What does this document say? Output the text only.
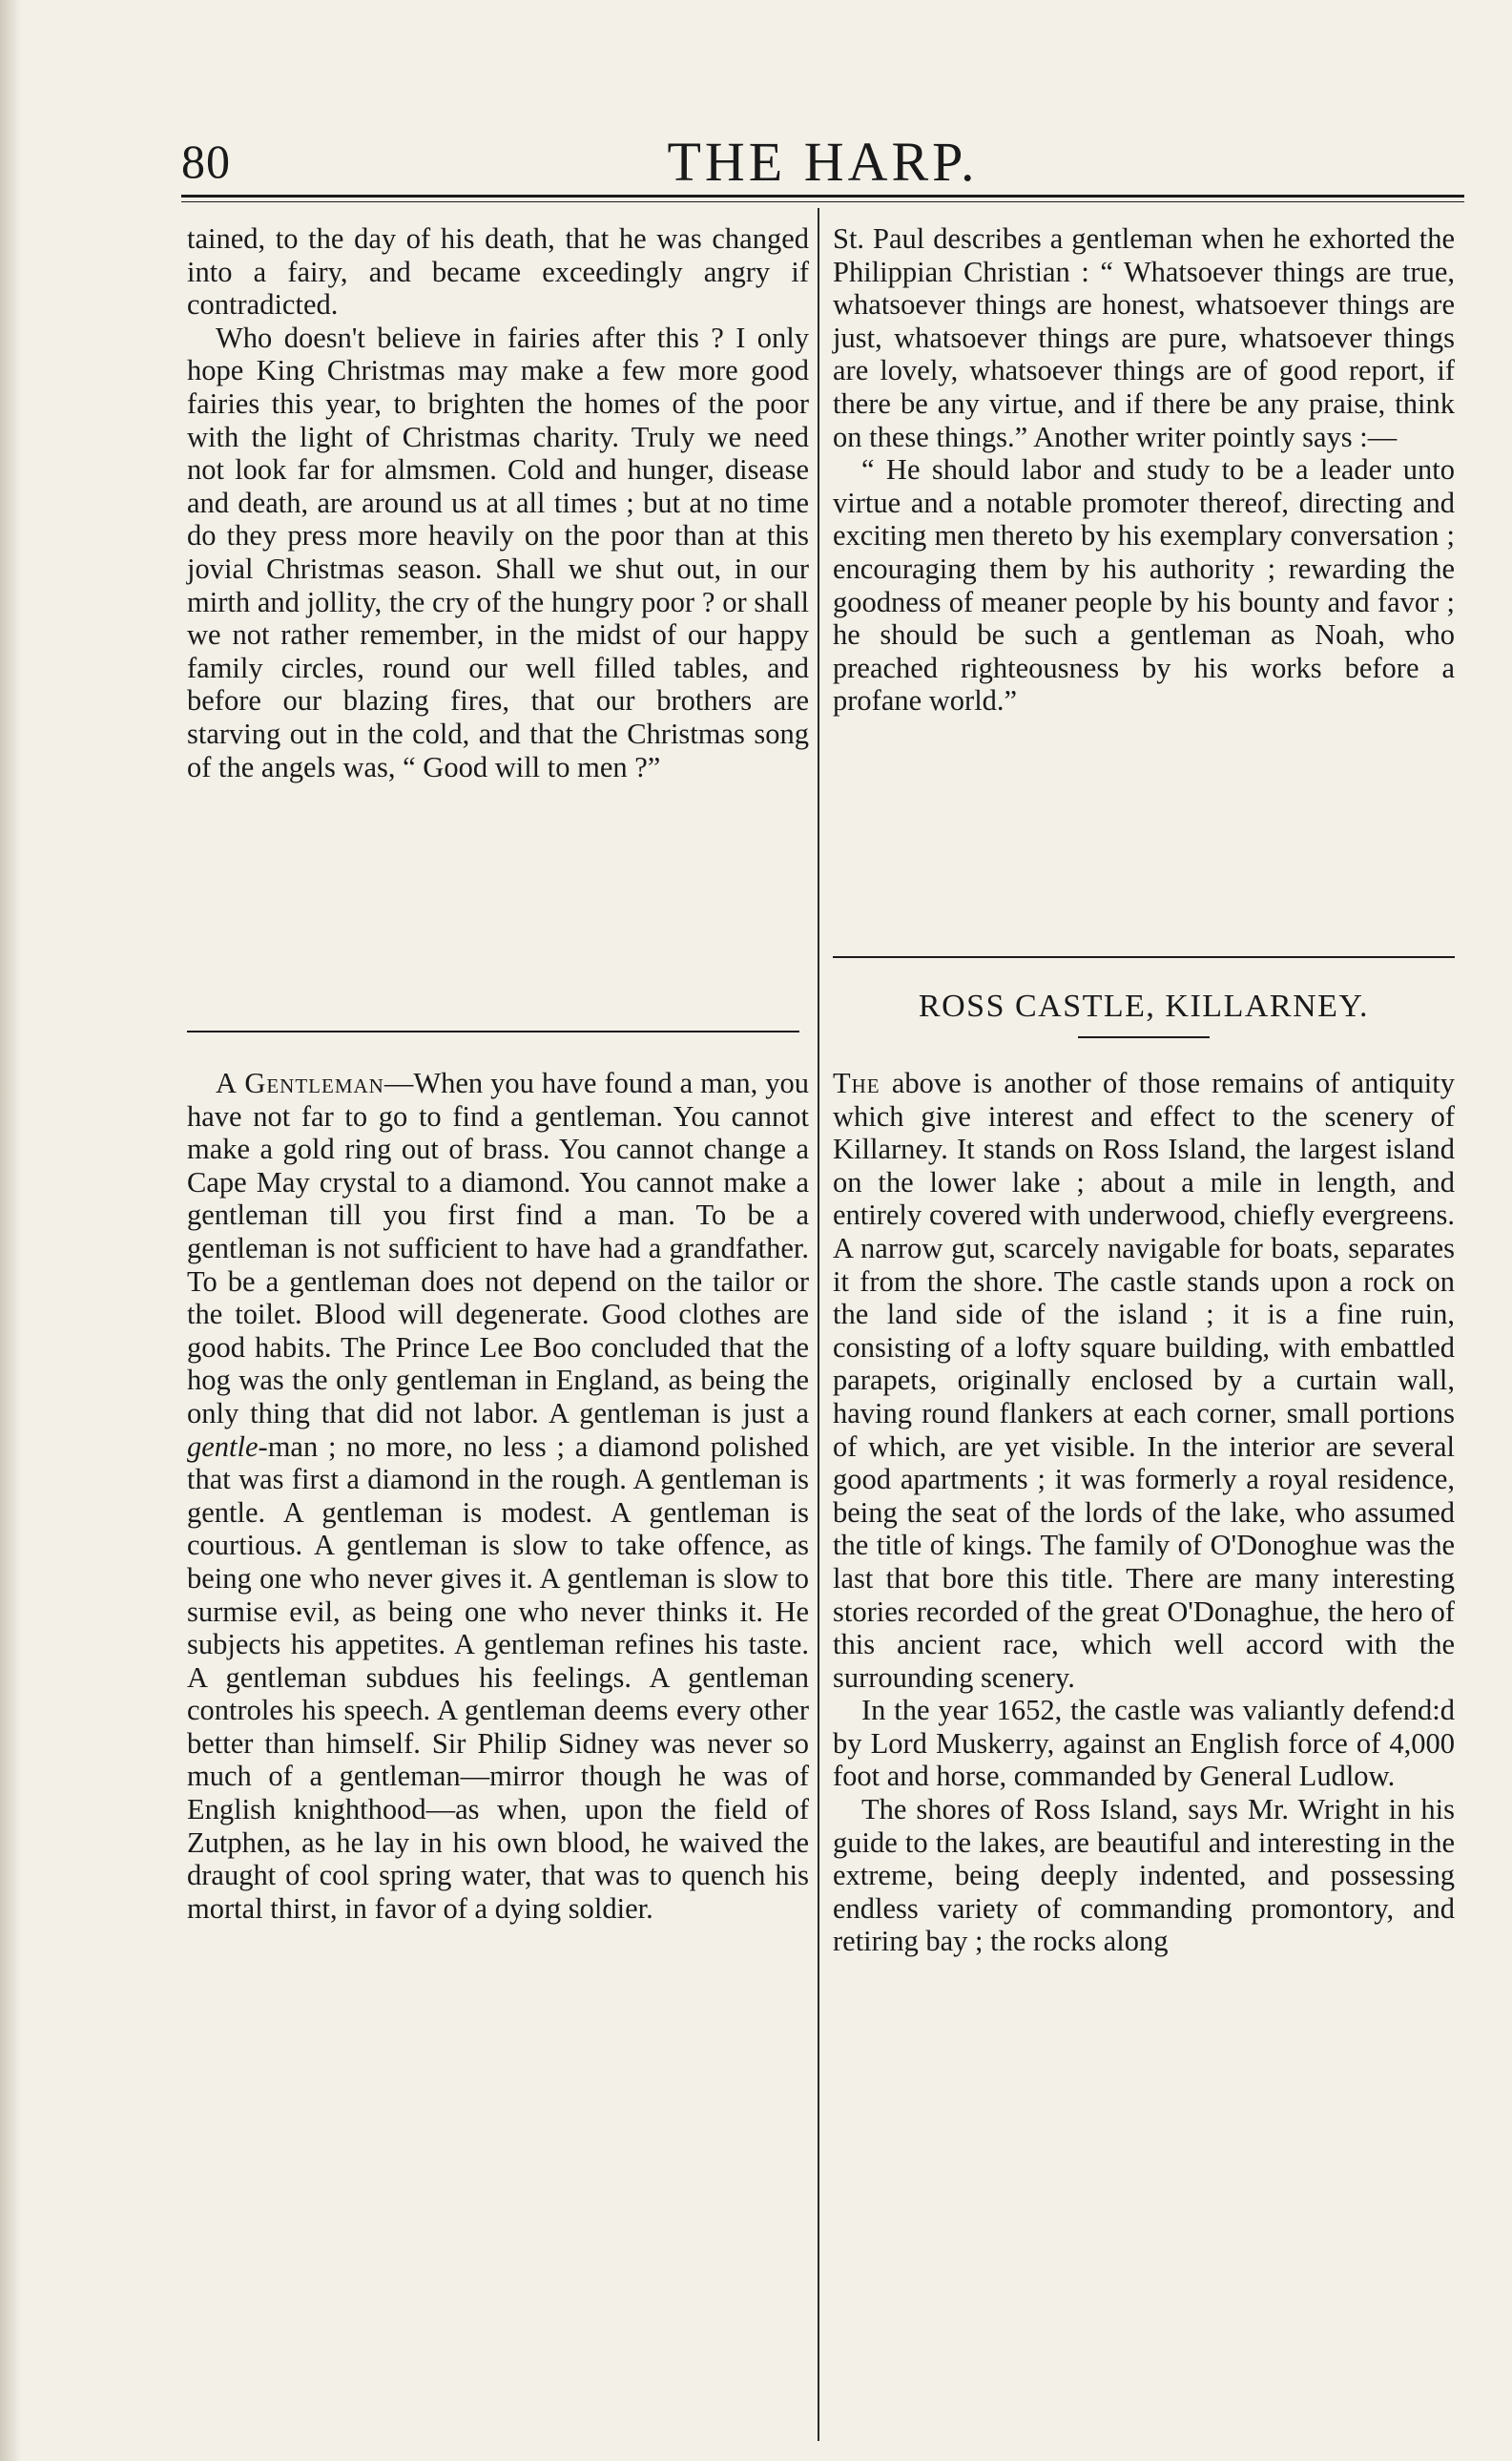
80	THE HARP.

tained, to the day of his death, that he was changed into a fairy, and became exceedingly angry if contradicted.

Who doesn't believe in fairies after this ? I only hope King Christmas may make a few more good fairies this year, to brighten the homes of the poor with the light of Christmas charity. Truly we need not look far for almsmen. Cold and hunger, disease and death, are around us at all times ; but at no time do they press more heavily on the poor than at this jovial Christmas season. Shall we shut out, in our mirth and jollity, the cry of the hungry poor ? or shall we not rather remember, in the midst of our happy family circles, round our well filled tables, and before our blazing fires, that our brothers are starving out in the cold, and that the Christmas song of the angels was, “ Good will to men ?”

A Gentleman—When you have found a man, you have not far to go to find a gentleman. You cannot make a gold ring out of brass. You cannot change a Cape May crystal to a diamond. You cannot make a gentleman till you first find a man. To be a gentleman is not sufficient to have had a grandfather. To be a gentleman does not depend on the tailor or the toilet. Blood will degenerate. Good clothes are good habits. The Prince Lee Boo concluded that the hog was the only gentleman in England, as being the only thing that did not labor. A gentleman is just a gentle-man ; no more, no less ; a diamond polished that was first a diamond in the rough. A gentleman is gentle. A gentleman is modest. A gentleman is courtious. A gentleman is slow to take offence, as being one who never gives it. A gentleman is slow to surmise evil, as being one who never thinks it. He subjects his appetites. A gentleman refines his taste. A gentleman subdues his feelings. A gentleman controles his speech. A gentleman deems every other better than himself. Sir Philip Sidney was never so much of a gentleman—mirror though he was of English knighthood—as when, upon the field of Zutphen, as he lay in his own blood, he waived the draught of cool spring water, that was to quench his mortal thirst, in favor of a dying soldier.

St. Paul describes a gentleman when he exhorted the Philippian Christian : “ Whatsoever things are true, whatsoever things are honest, whatsoever things are just, whatsoever things are pure, whatsoever things are lovely, whatsoever things are of good report, if there be any virtue, and if there be any praise, think on these things.” Another writer pointly says :—

“ He should labor and study to be a leader unto virtue and a notable promoter thereof, directing and exciting men thereto by his exemplary conversation ; encouraging them by his authority ; rewarding the goodness of meaner people by his bounty and favor ; he should be such a gentleman as Noah, who preached righteousness by his works before a profane world.”

ROSS CASTLE, KILLARNEY.

The above is another of those remains of antiquity which give interest and effect to the scenery of Killarney. It stands on Ross Island, the largest island on the lower lake ; about a mile in length, and entirely covered with underwood, chiefly evergreens. A narrow gut, scarcely navigable for boats, separates it from the shore. The castle stands upon a rock on the land side of the island ; it is a fine ruin, consisting of a lofty square building, with embattled parapets, originally enclosed by a curtain wall, having round flankers at each corner, small portions of which, are yet visible. In the interior are several good apartments ; it was formerly a royal residence, being the seat of the lords of the lake, who assumed the title of kings. The family of O'Donoghue was the last that bore this title. There are many interesting stories recorded of the great O'Donaghue, the hero of this ancient race, which well accord with the surrounding scenery.

In the year 1652, the castle was valiantly defend:d by Lord Muskerry, against an English force of 4,000 foot and horse, commanded by General Ludlow.

The shores of Ross Island, says Mr. Wright in his guide to the lakes, are beautiful and interesting in the extreme, being deeply indented, and possessing endless variety of commanding promontory, and retiring bay ; the rocks along
